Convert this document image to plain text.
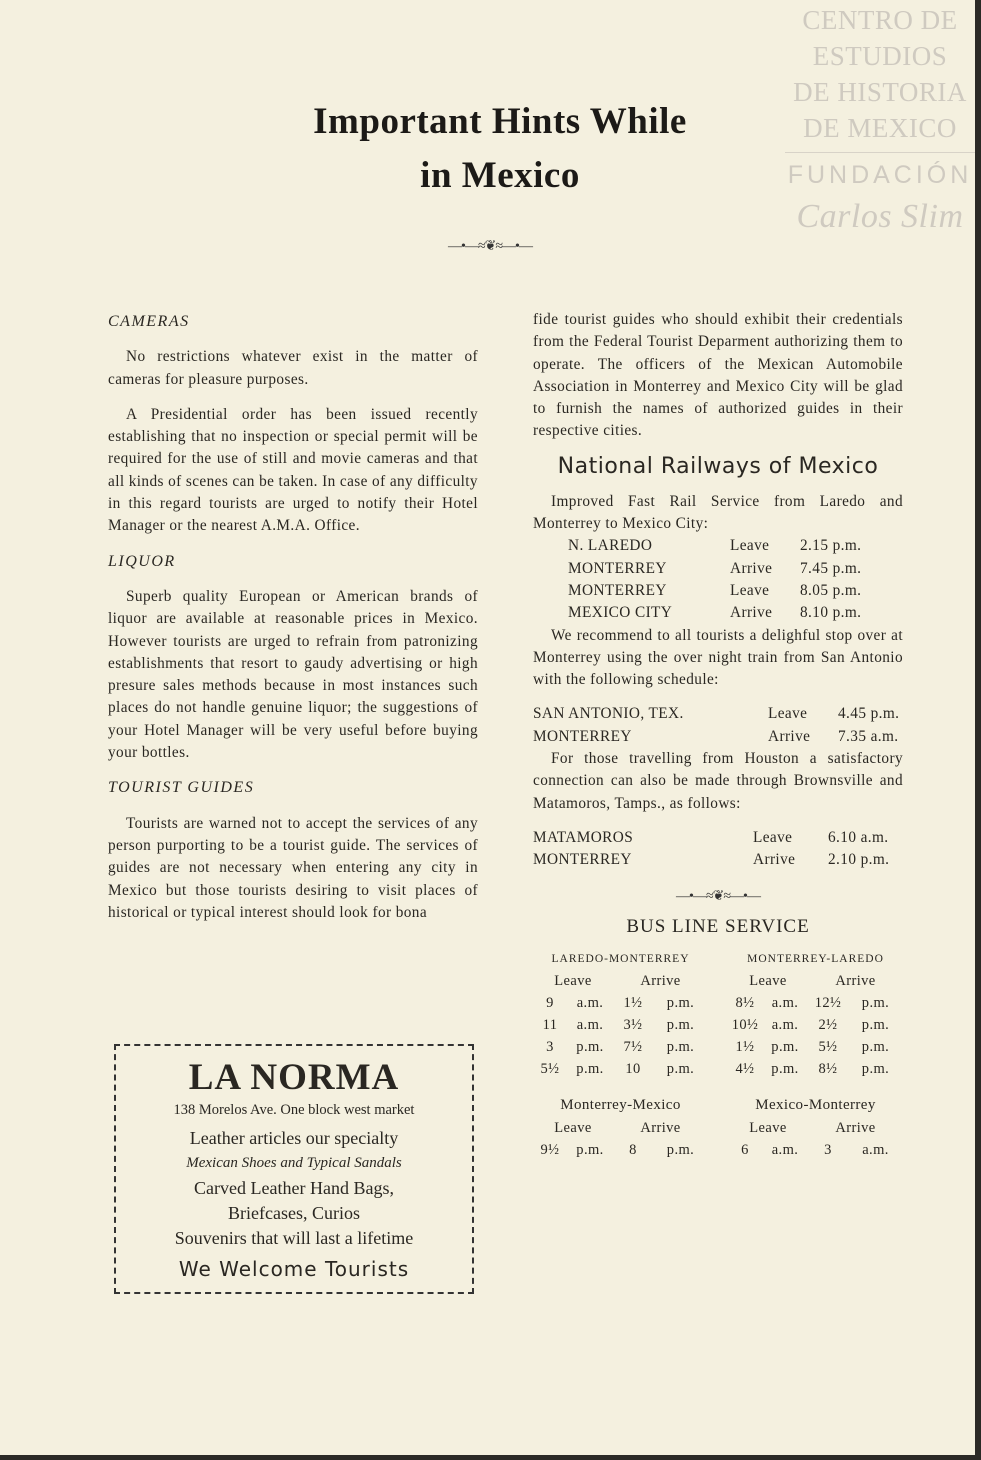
CENTRO DE
ESTUDIOS
DE HISTORIA
DE MEXICO
FUNDACIÓN
Carlos Slim
Important Hints While
in Mexico
—•—≈❦≈—•—
CAMERAS

No restrictions whatever exist in the matter of cameras for pleasure purposes.

A Presidential order has been issued recently establishing that no inspection or special permit will be required for the use of still and movie cameras and that all kinds of scenes can be taken. In case of any difficulty in this regard tourists are urged to notify their Hotel Manager or the nearest A.M.A. Office.

LIQUOR

Superb quality European or American brands of liquor are available at reasonable prices in Mexico. However tourists are urged to refrain from patronizing establishments that resort to gaudy advertising or high presure sales methods because in most instances such places do not handle genuine liquor; the suggestions of your Hotel Manager will be very useful before buying your bottles.

TOURIST GUIDES

Tourists are warned not to accept the services of any person purporting to be a tourist guide. The services of guides are not necessary when entering any city in Mexico but those tourists desiring to visit places of historical or typical interest should look for bona

fide tourist guides who should exhibit their credentials from the Federal Tourist Deparment authorizing them to operate. The officers of the Mexican Automobile Association in Monterrey and Mexico City will be glad to furnish the names of authorized guides in their respective cities.

National Railways of Mexico

Improved Fast Rail Service from Laredo and Monterrey to Mexico City:

N. LAREDO	Leave	2.15 p.m.
MONTERREY	Arrive	7.45 p.m.
MONTERREY	Leave	8.05 p.m.
MEXICO CITY	Arrive	8.10 p.m.

We recommend to all tourists a delighful stop over at Monterrey using the over night train from San Antonio with the following schedule:

SAN ANTONIO, TEX.	Leave	4.45 p.m.
MONTERREY	Arrive	7.35 a.m.

For those travelling from Houston a satisfactory connection can also be made through Brownsville and Matamoros, Tamps., as follows:

MATAMOROS	Leave	6.10 a.m.
MONTERREY	Arrive	2.10 p.m.
—•—≈❦≈—•—
BUS LINE SERVICE
LAREDO-MONTERREY
Leave	Arrive
9	a.m.	1½	p.m.
11	a.m.	3½	p.m.
3	p.m.	7½	p.m.
5½	p.m.	10	p.m.
MONTERREY-LAREDO
Leave	Arrive
8½	a.m.	12½	p.m.
10½ a.m.	2½	p.m.
1½	p.m.	5½	p.m.
4½	p.m.	8½	p.m.
Monterrey-Mexico
Leave	Arrive
9½	p.m.	8	p.m.
Mexico-Monterrey
Leave	Arrive
6	a.m.	3	a.m.
LA NORMA
138 Morelos Ave. One block west market
Leather articles our specialty
Mexican Shoes and Typical Sandals
Carved Leather Hand Bags,
Briefcases, Curios
Souvenirs that will last a lifetime
We Welcome Tourists
